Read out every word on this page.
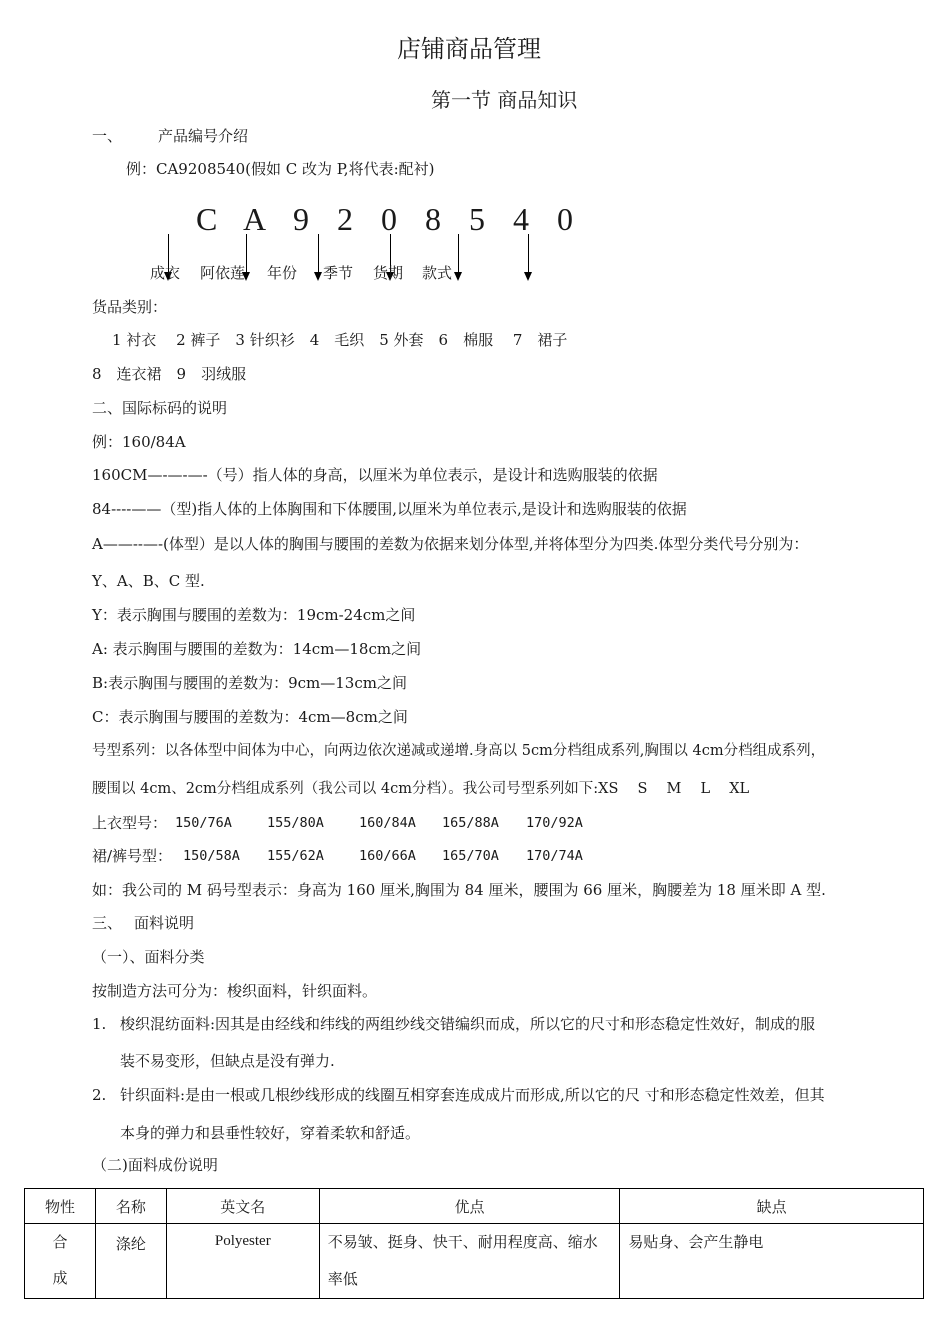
店铺商品管理
第一节 商品知识
一、 产品编号介绍
例：CA9208540(假如 C 改为 P,将代表:配衬)
C A 9 2 0 8 5 4 0
成衣 阿依莲 年份 季节 货期 款式
货品类别：
1 衬衣　 2 裤子　3 针织衫　4　毛织　5 外套　6　棉服　 7　裙子
8　连衣裙　9　羽绒服
二、国际标码的说明
例：160/84A
160CM—-—-—-（号）指人体的身高，以厘米为单位表示，是设计和选购服装的依据
84----——（型)指人体的上体胸围和下体腰围,以厘米为单位表示,是设计和选购服装的依据
A——--—-(体型）是以人体的胸围与腰围的差数为依据来划分体型,并将体型分为四类.体型分类代号分别为：
Y、A、B、C 型.
Y：表示胸围与腰围的差数为：19cm-24cm之间
A: 表示胸围与腰围的差数为：14cm—18cm之间
B:表示胸围与腰围的差数为：9cm—13cm之间
C：表示胸围与腰围的差数为：4cm—8cm之间
号型系列：以各体型中间体为中心，向两边依次递减或递增.身高以 5cm分档组成系列,胸围以 4cm分档组成系列，
腰围以 4cm、2cm分档组成系列（我公司以 4cm分档）。我公司号型系列如下:XS　 S　 M　 L　 XL
上衣型号： 150/76A	155/80A	160/84A 165/88A 170/92A
裙/裤号型： 150/58A 155/62A	160/66A 165/70A 170/74A
如：我公司的 M 码号型表示：身高为 160 厘米,胸围为 84 厘米，腰围为 66 厘米，胸腰差为 18 厘米即 A 型.
三、 面料说明
（一）、面料分类
按制造方法可分为：梭织面料，针织面料。
1. 梭织混纺面料:因其是由经线和纬线的两组纱线交错编织而成，所以它的尺寸和形态稳定性效好，制成的服
装不易变形，但缺点是没有弹力.
2. 针织面料:是由一根或几根纱线形成的线圈互相穿套连成成片而形成,所以它的尺 寸和形态稳定性效差，但其
本身的弹力和县垂性较好，穿着柔软和舒适。
（二)面料成份说明
物性	名称	英文名	优点	缺点

合
成	涤纶	Polyester	不易皱、挺身、快干、耐用程度高、缩水率低	易贴身、会产生静电
